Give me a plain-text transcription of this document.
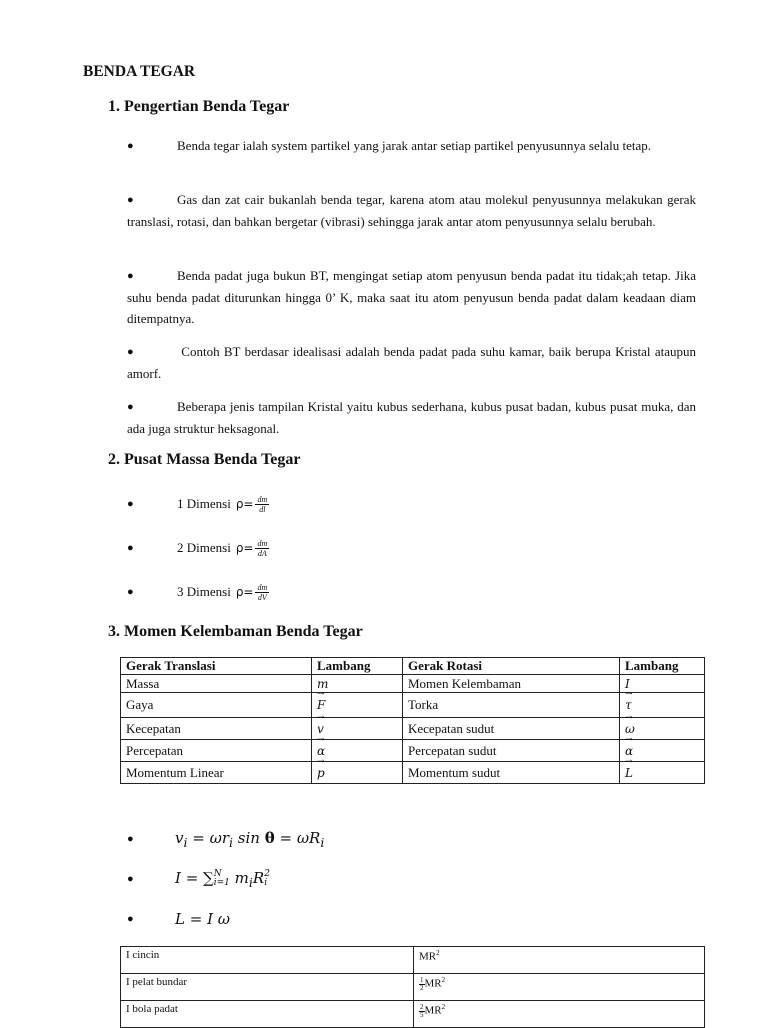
BENDA TEGAR
1. Pengertian Benda Tegar
●	Benda tegar ialah system partikel yang jarak antar setiap partikel penyusunnya selalu tetap.
●	Gas dan zat cair bukanlah benda tegar, karena atom atau molekul penyusunnya melakukan gerak translasi, rotasi, dan bahkan bergetar (vibrasi) sehingga jarak antar atom penyusunnya selalu berubah.
●	Benda padat juga bukun BT, mengingat setiap atom penyusun benda padat itu tidak;ah tetap. Jika suhu benda padat diturunkan hingga 0’ K, maka saat itu atom penyusun benda padat dalam keadaan diam ditempatnya.
●	Contoh BT berdasar idealisasi adalah benda padat pada suhu kamar, baik berupa Kristal ataupun amorf.
●	Beberapa jenis tampilan Kristal yaitu kubus sederhana, kubus pusat badan, kubus pusat muka, dan ada juga struktur heksagonal.
2. Pusat Massa Benda Tegar
●	1 Dimensi $\rho= \frac{dm}{dl}$
●	2 Dimensi $\rho= \frac{dm}{dA}$
●	3 Dimensi $\rho= \frac{dm}{dV}$
3. Momen Kelembaman Benda Tegar
Gerak Translasi	Lambang	Gerak Rotasi	Lambang
Massa	m	Momen Kelembaman	I
Gaya	→ F	Torka	→ τ
Kecepatan	→ v	Kecepatan sudut	→ ω
Percepatan	→ α	Percepatan sudut	→ α
Momentum Linear	→ p	Momentum sudut	→ L
●	$v_i = \omega r_i$ $\sin \theta = \omega R_i$
●	I = ∑ N
i=1 $m_iR$ 2
i
●	L = I ω
I cincin	$MR^2$
I pelat bundar	$\frac{1}{2} MR^2$
I bola padat	$\frac{2}{5} MR^2$
